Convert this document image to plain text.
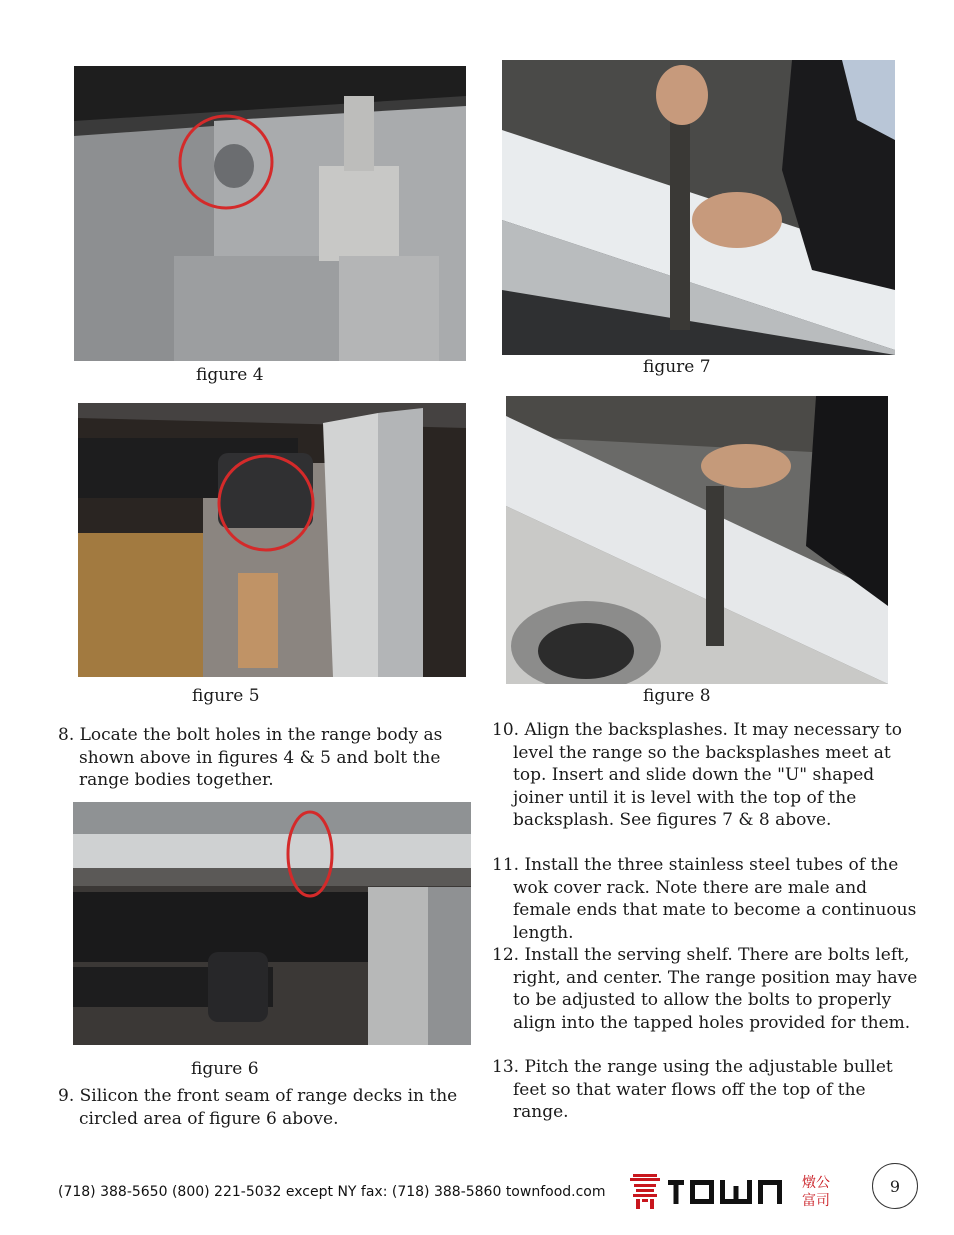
figure 4	figure 7
figure 5	figure 8
8. Locate the bolt holes in the range body as shown above in figures 4 & 5 and bolt the range bodies together.
figure 6
9. Silicon the front seam of range decks in the circled area of figure 6 above.
10. Align the backsplashes. It may necessary to level the range so the backsplashes meet at top. Insert and slide down the "U" shaped joiner until it is level with the top of the backsplash. See figures 7 & 8 above.
11. Install the three stainless steel tubes of the wok cover rack. Note there are male and female ends that mate to become a continuous length.
12. Install the serving shelf. There are bolts left, right, and center. The range position may have to be adjusted to allow the bolts to properly align into the tapped holes provided for them.
13. Pitch the range using the adjustable bullet feet so that water flows off the top of the range.
(718) 388-5650 (800) 221-5032 except NY fax: (718) 388-5860 townfood.com
燉公
富司
9
